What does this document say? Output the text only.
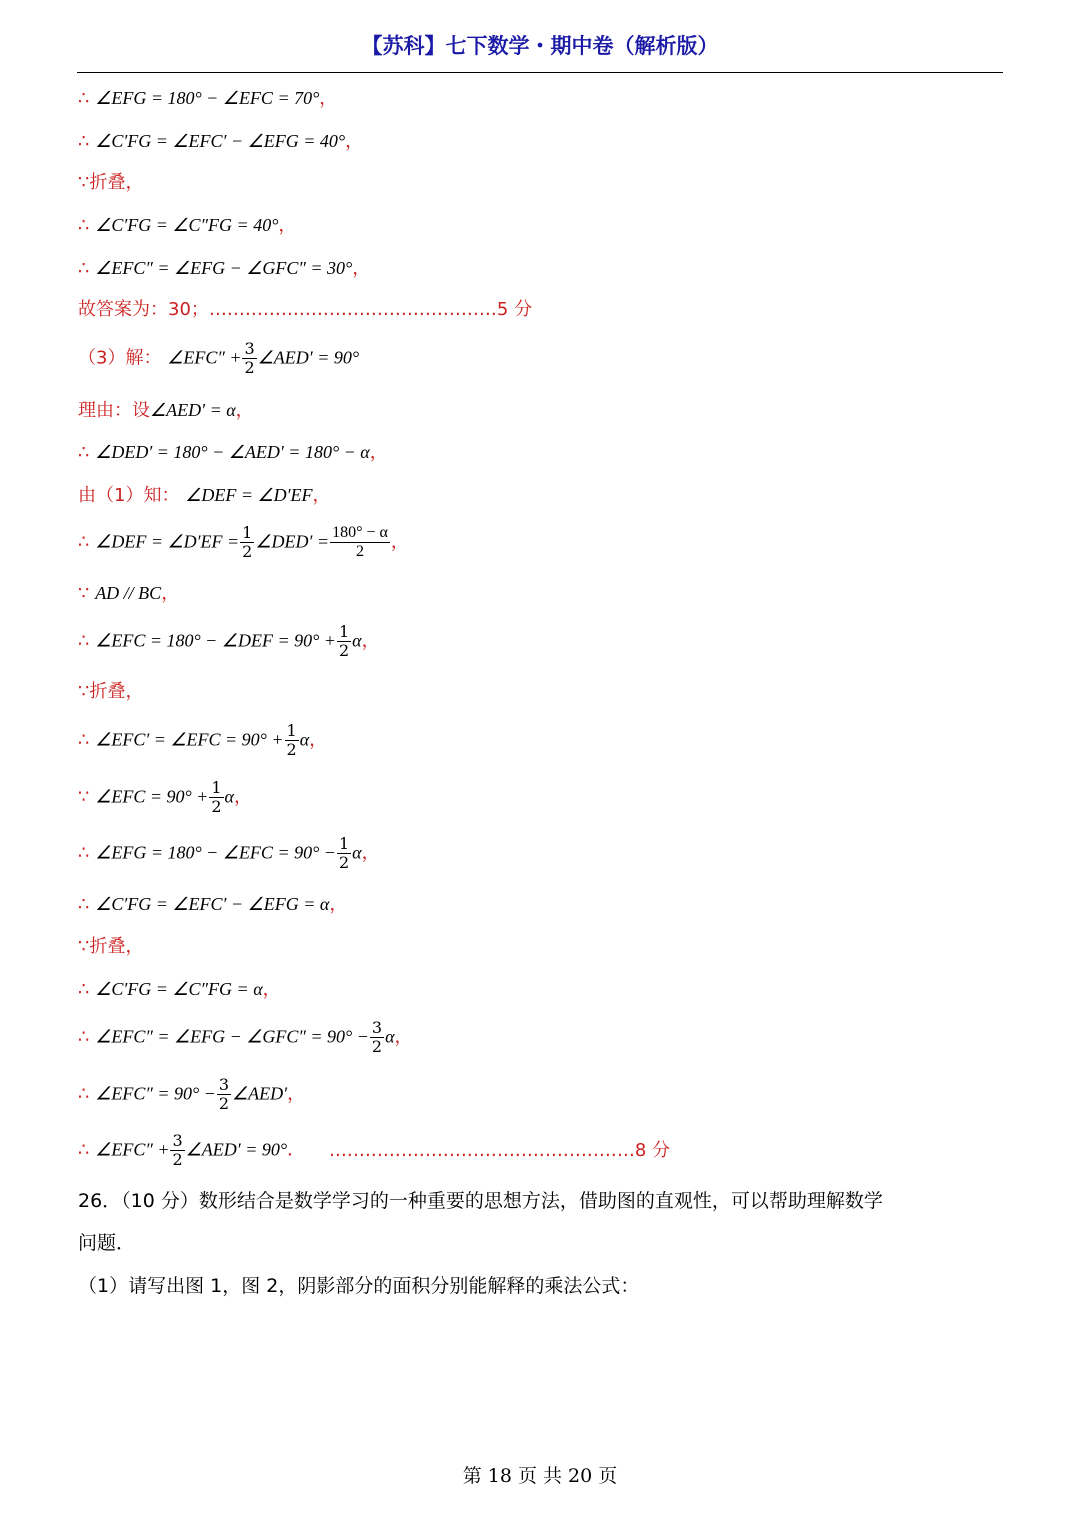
【苏科】七下数学・期中卷（解析版）
∴ ∠EFG = 180° − ∠EFC = 70°，
∴ ∠C′FG = ∠EFC′ − ∠EFG = 40°，
∵折叠，
∴ ∠C′FG = ∠C″FG = 40°，
∴ ∠EFC″ = ∠EFG − ∠GFC″ = 30°，
故答案为：30；…………………………………………5 分
（3）解： ∠EFC″ + $\frac{3}{2}$ ∠AED′ = 90°
理由：设∠AED′ = α，
∴ ∠DED′ = 180° − ∠AED′ = 180° − α，
由（1）知： ∠DEF = ∠D′EF，
∴ ∠DEF = ∠D′EF = $\frac{1}{2}$ ∠DED′ = $\frac{180^\circ - \alpha}{2}$ ，
∵ AD // BC，
∴ ∠EFC = 180° − ∠DEF = $90^\circ + \frac{1}{2}$ α，
∵折叠，
∴ ∠EFC′ = ∠EFC = $90^\circ + \frac{1}{2}$ α，
∵ ∠EFC = $90^\circ + \frac{1}{2}$ α，
∴ ∠EFG = 180° − ∠EFC = $90^\circ - \frac{1}{2}$ α，
∴ ∠C′FG = ∠EFC′ − ∠EFG = α，
∵折叠，
∴ ∠C′FG = ∠C″FG = α，
∴ ∠EFC″ = ∠EFG − ∠GFC″ = $90^\circ - \frac{3}{2}$ α，
∴ ∠EFC″ = $90^\circ - \frac{3}{2}$ ∠AED′，
∴ ∠EFC″ + $\frac{3}{2}$ ∠AED′ = 90°． ……………………………………………8 分
26．（10 分）数形结合是数学学习的一种重要的思想方法，借助图的直观性，可以帮助理解数学
问题．
（1）请写出图 1，图 2，阴影部分的面积分别能解释的乘法公式：
第 18 页 共 20 页
